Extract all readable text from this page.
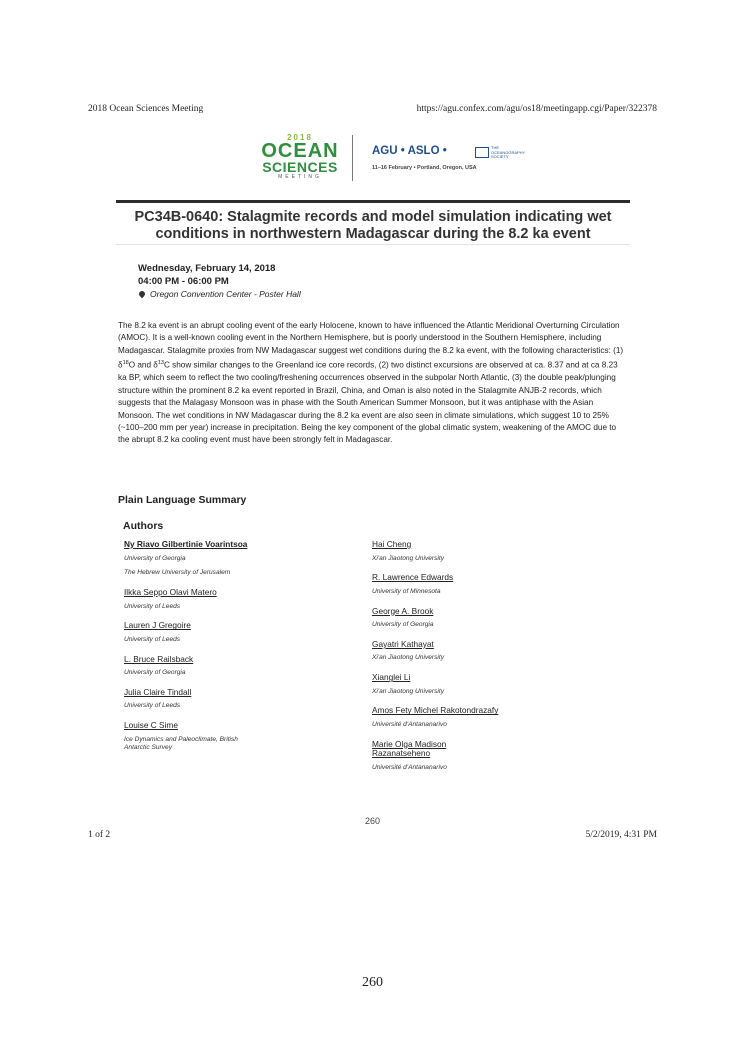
2018 Ocean Sciences Meeting	https://agu.confex.com/agu/os18/meetingapp.cgi/Paper/322378
2018
OCEAN
SCIENCES
MEETING
AGU • ASLO •	THE OCEANOGRAPHY SOCIETY
11–16 February • Portland, Oregon, USA
PC34B-0640: Stalagmite records and model simulation indicating wet conditions in northwestern Madagascar during the 8.2 ka event
Wednesday, February 14, 2018
04:00 PM - 06:00 PM
Oregon Convention Center - Poster Hall

The 8.2 ka event is an abrupt cooling event of the early Holocene, known to have influenced the Atlantic Meridional Overturning Circulation (AMOC). It is a well-known cooling event in the Northern Hemisphere, but is poorly understood in the Southern Hemisphere, including Madagascar. Stalagmite proxies from NW Madagascar suggest wet conditions during the 8.2 ka event, with the following characteristics: (1) $\delta^{18}O$ and $\delta^{13}C$ show similar changes to the Greenland ice core records, (2) two distinct excursions are observed at ca. 8.37 and at ca 8.23 ka BP, which seem to reflect the two cooling/freshening occurrences observed in the subpolar North Atlantic, (3) the double peak/plunging structure within the prominent 8.2 ka event reported in Brazil, China, and Oman is also noted in the Stalagmite ANJB-2 records, which suggests that the Malagasy Monsoon was in phase with the South American Summer Monsoon, but it was antiphase with the Asian Monsoon. The wet conditions in NW Madagascar during the 8.2 ka event are also seen in climate simulations, which suggest 10 to 25% (~100–200 mm per year) increase in precipitation. Being the key component of the global climatic system, weakening of the AMOC due to the abrupt 8.2 ka cooling event must have been strongly felt in Madagascar.

Plain Language Summary
Authors
Ny Riavo Gilbertinie Voarintsoa
University of Georgia
The Hebrew University of Jerusalem
Ilkka Seppo Olavi Matero
University of Leeds
Lauren J Gregoire
University of Leeds
L. Bruce Railsback
University of Georgia
Julia Claire Tindall
University of Leeds
Louise C Sime
Ice Dynamics and Paleoclimate, British Antarctic Survey
Hai Cheng
Xi'an Jiaotong University
R. Lawrence Edwards
University of Minnesota
George A. Brook
University of Georgia
Gayatri Kathayat
Xi'an Jiaotong University
Xianglei Li
Xi'an Jiaotong University
Amos Fety Michel Rakotondrazafy
Université d'Antananarivo
Marie Olga Madison Razanatseheno
Université d'Antananarivo
260
1 of 2	5/2/2019, 4:31 PM
260
